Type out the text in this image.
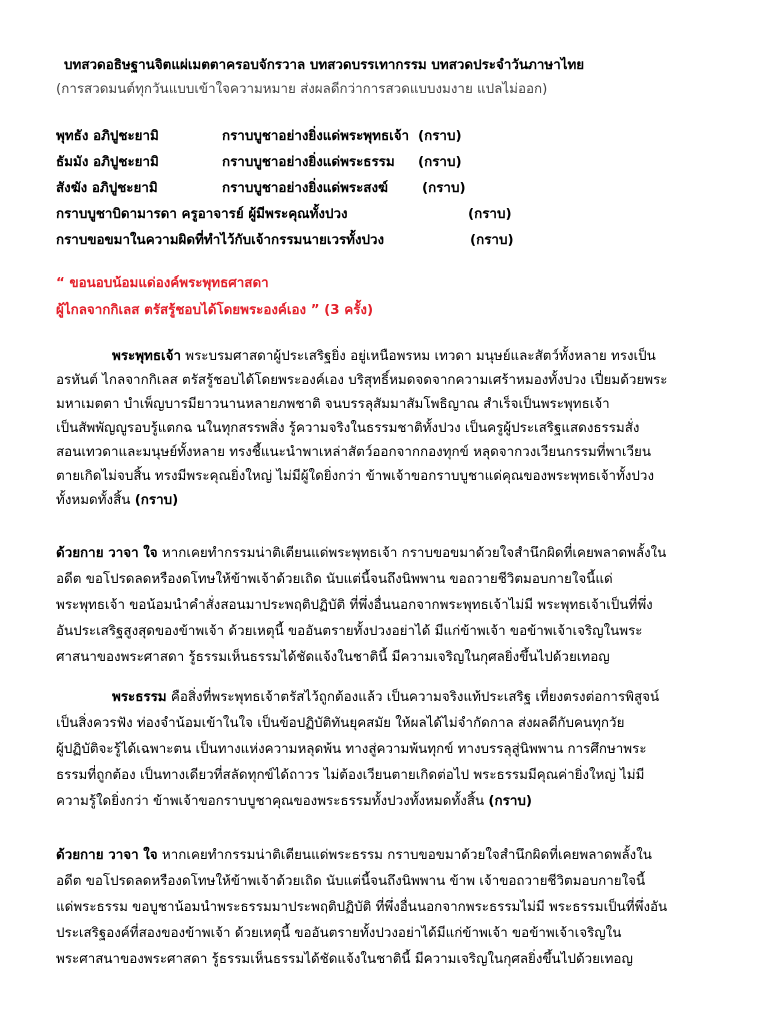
บทสวดอธิษฐานจิตแผ่เมตตาครอบจักรวาล บทสวดบรรเทากรรม บทสวดประจำวันภาษาไทย
(การสวดมนต์ทุกวันแบบเข้าใจความหมาย ส่งผลดีกว่าการสวดแบบงมงาย แปลไม่ออก)
พุทธัง อภิปูชะยามิ	กราบบูชาอย่างยิ่งแด่พระพุทธเจ้า (กราบ)
ธัมมัง อภิปูชะยามิ	กราบบูชาอย่างยิ่งแด่พระธรรม (กราบ)
สังฆัง อภิปูชะยามิ	กราบบูชาอย่างยิ่งแด่พระสงฆ์	(กราบ)
กราบบูชาบิดามารดา ครูอาจารย์ ผู้มีพระคุณทั้งปวง	(กราบ)
กราบขอขมาในความผิดที่ทำไว้กับเจ้ากรรมนายเวรทั้งปวง	(กราบ)
“ ขอนอบน้อมแด่องค์พระพุทธศาสดา
ผู้ไกลจากกิเลส ตรัสรู้ชอบได้โดยพระองค์เอง ” (3 ครั้ง)
พระพุทธเจ้า พระบรมศาสดาผู้ประเสริฐยิ่ง อยู่เหนือพรหม เทวดา มนุษย์และสัตว์ทั้งหลาย ทรงเป็น
อรหันต์ ไกลจากกิเลส ตรัสรู้ชอบได้โดยพระองค์เอง บริสุทธิ์หมดจดจากความเศร้าหมองทั้งปวง เปี่ยมด้วยพระ
มหาเมตตา บำเพ็ญบารมียาวนานหลายภพชาติ จนบรรลุสัมมาสัมโพธิญาณ สำเร็จเป็นพระพุทธเจ้า
เป็นสัพพัญญูรอบรู้แตกฉ นในทุกสรรพสิ่ง รู้ความจริงในธรรมชาติทั้งปวง เป็นครูผู้ประเสริฐแสดงธรรมสั่ง
สอนเทวดาและมนุษย์ทั้งหลาย ทรงชี้แนะนำพาเหล่าสัตว์ออกจากกองทุกข์ หลุดจากวงเวียนกรรมที่พาเวียน
ตายเกิดไม่จบสิ้น ทรงมีพระคุณยิ่งใหญ่ ไม่มีผู้ใดยิ่งกว่า ข้าพเจ้าขอกราบบูชาแด่คุณของพระพุทธเจ้าทั้งปวง
ทั้งหมดทั้งสิ้น (กราบ)
ด้วยกาย วาจา ใจ หากเคยทำกรรมน่าติเตียนแด่พระพุทธเจ้า กราบขอขมาด้วยใจสำนึกผิดที่เคยพลาดพลั้งใน
อดีต ขอโปรดลดหรืองดโทษให้ข้าพเจ้าด้วยเถิด นับแต่นี้จนถึงนิพพาน ขอถวายชีวิตมอบกายใจนี้แด่
พระพุทธเจ้า ขอน้อมนำคำสั่งสอนมาประพฤติปฏิบัติ ที่พึ่งอื่นนอกจากพระพุทธเจ้าไม่มี พระพุทธเจ้าเป็นที่พึ่ง
อันประเสริฐสูงสุดของข้าพเจ้า ด้วยเหตุนี้ ขออันตรายทั้งปวงอย่าได้ มีแก่ข้าพเจ้า ขอข้าพเจ้าเจริญในพระ
ศาสนาของพระศาสดา รู้ธรรมเห็นธรรมได้ชัดแจ้งในชาตินี้ มีความเจริญในกุศลยิ่งขึ้นไปด้วยเทอญ
พระธรรม คือสิ่งที่พระพุทธเจ้าตรัสไว้ถูกต้องแล้ว เป็นความจริงแท้ประเสริฐ เที่ยงตรงต่อการพิสูจน์
เป็นสิ่งควรฟัง ท่องจำน้อมเข้าในใจ เป็นข้อปฏิบัติทันยุคสมัย ให้ผลได้ไม่จำกัดกาล ส่งผลดีกับคนทุกวัย
ผู้ปฏิบัติจะรู้ได้เฉพาะตน เป็นทางแห่งความหลุดพ้น ทางสู่ความพ้นทุกข์ ทางบรรลุสู่นิพพาน การศึกษาพระ
ธรรมที่ถูกต้อง เป็นทางเดียวที่สลัดทุกข์ได้ถาวร ไม่ต้องเวียนตายเกิดต่อไป พระธรรมมีคุณค่ายิ่งใหญ่ ไม่มี
ความรู้ใดยิ่งกว่า ข้าพเจ้าขอกราบบูชาคุณของพระธรรมทั้งปวงทั้งหมดทั้งสิ้น (กราบ)
ด้วยกาย วาจา ใจ หากเคยทำกรรมน่าติเตียนแด่พระธรรม กราบขอขมาด้วยใจสำนึกผิดที่เคยพลาดพลั้งใน
อดีต ขอโปรดลดหรืองดโทษให้ข้าพเจ้าด้วยเถิด นับแต่นี้จนถึงนิพพาน ข้าพ เจ้าขอถวายชีวิตมอบกายใจนี้
แด่พระธรรม ขอบูชาน้อมนำพระธรรมมาประพฤติปฏิบัติ ที่พึ่งอื่นนอกจากพระธรรมไม่มี พระธรรมเป็นที่พึ่งอัน
ประเสริฐองค์ที่สองของข้าพเจ้า ด้วยเหตุนี้ ขออันตรายทั้งปวงอย่าได้มีแก่ข้าพเจ้า ขอข้าพเจ้าเจริญใน
พระศาสนาของพระศาสดา รู้ธรรมเห็นธรรมได้ชัดแจ้งในชาตินี้ มีความเจริญในกุศลยิ่งขึ้นไปด้วยเทอญ
